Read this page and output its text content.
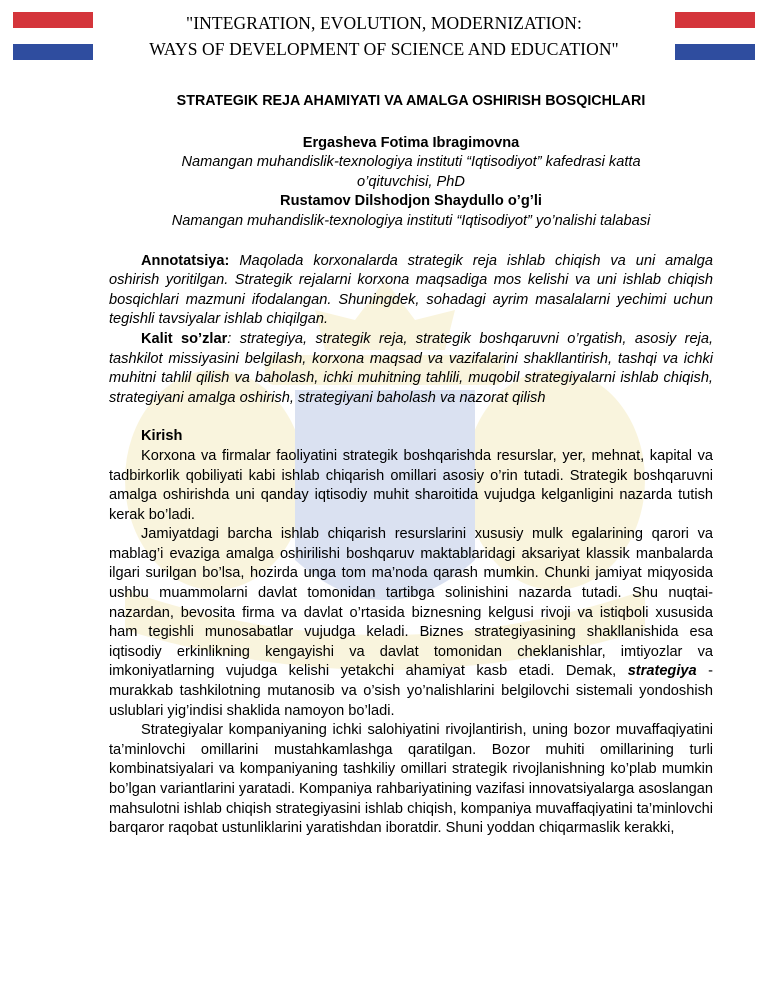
"INTEGRATION, EVOLUTION, MODERNIZATION:
WAYS OF DEVELOPMENT OF SCIENCE AND EDUCATION"

STRATEGIK REJA AHAMIYATI VA AMALGA OSHIRISH BOSQICHLARI

Ergasheva Fotima Ibragimovna

Namangan muhandislik-texnologiya instituti “Iqtisodiyot” kafedrasi katta

o’qituvchisi, PhD

Rustamov Dilshodjon Shaydullo o’g’li

Namangan muhandislik-texnologiya instituti “Iqtisodiyot” yo’nalishi talabasi

Annotatsiya: Maqolada korxonalarda strategik reja ishlab chiqish va uni amalga oshirish yoritilgan. Strategik rejalarni korxona maqsadiga mos kelishi va uni ishlab chiqish bosqichlari mazmuni ifodalangan. Shuningdek, sohadagi ayrim masalalarni yechimi uchun tegishli tavsiyalar ishlab chiqilgan.

Kalit so’zlar: strategiya, strategik reja, strategik boshqaruvni o’rgatish, asosiy reja, tashkilot missiyasini belgilash, korxona maqsad va vazifalarini shakllantirish, tashqi va ichki muhitni tahlil qilish va baholash, ichki muhitning tahlili, muqobil strategiyalarni ishlab chiqish, strategiyani amalga oshirish, strategiyani baholash va nazorat qilish

Kirish

Korxona va firmalar faoliyatini strategik boshqarishda resurslar, yer, mehnat, kapital va tadbirkorlik qobiliyati kabi ishlab chiqarish omillari asosiy o’rin tutadi. Strategik boshqaruvni amalga oshirishda uni qanday iqtisodiy muhit sharoitida vujudga kelganligini nazarda tutish kerak bo’ladi.

Jamiyatdagi barcha ishlab chiqarish resurslarini xususiy mulk egalarining qarori va mablag’i evaziga amalga oshirilishi boshqaruv maktablaridagi aksariyat klassik manbalarda ilgari surilgan bo’lsa, hozirda unga tom ma’noda qarash mumkin. Chunki jamiyat miqyosida ushbu muammolarni davlat tomonidan tartibga solinishini nazarda tutadi. Shu nuqtai-nazardan, bevosita firma va davlat o’rtasida biznesning kelgusi rivoji va istiqboli xususida ham tegishli munosabatlar vujudga keladi. Biznes strategiyasining shakllanishida esa iqtisodiy erkinlikning kengayishi va davlat tomonidan cheklanishlar, imtiyozlar va imkoniyatlarning vujudga kelishi yetakchi ahamiyat kasb etadi. Demak, strategiya - murakkab tashkilotning mutanosib va o’sish yo’nalishlarini belgilovchi sistemali yondoshish uslublari yig’indisi shaklida namoyon bo’ladi.

Strategiyalar kompaniyaning ichki salohiyatini rivojlantirish, uning bozor muvaffaqiyatini ta’minlovchi omillarini mustahkamlashga qaratilgan. Bozor muhiti omillarining turli kombinatsiyalari va kompaniyaning tashkiliy omillari strategik rivojlanishning ko’plab mumkin bo’lgan variantlarini yaratadi. Kompaniya rahbariyatining vazifasi innovatsiyalarga asoslangan mahsulotni ishlab chiqish strategiyasini ishlab chiqish, kompaniya muvaffaqiyatini ta’minlovchi barqaror raqobat ustunliklarini yaratishdan iboratdir. Shuni yoddan chiqarmaslik kerakki,
